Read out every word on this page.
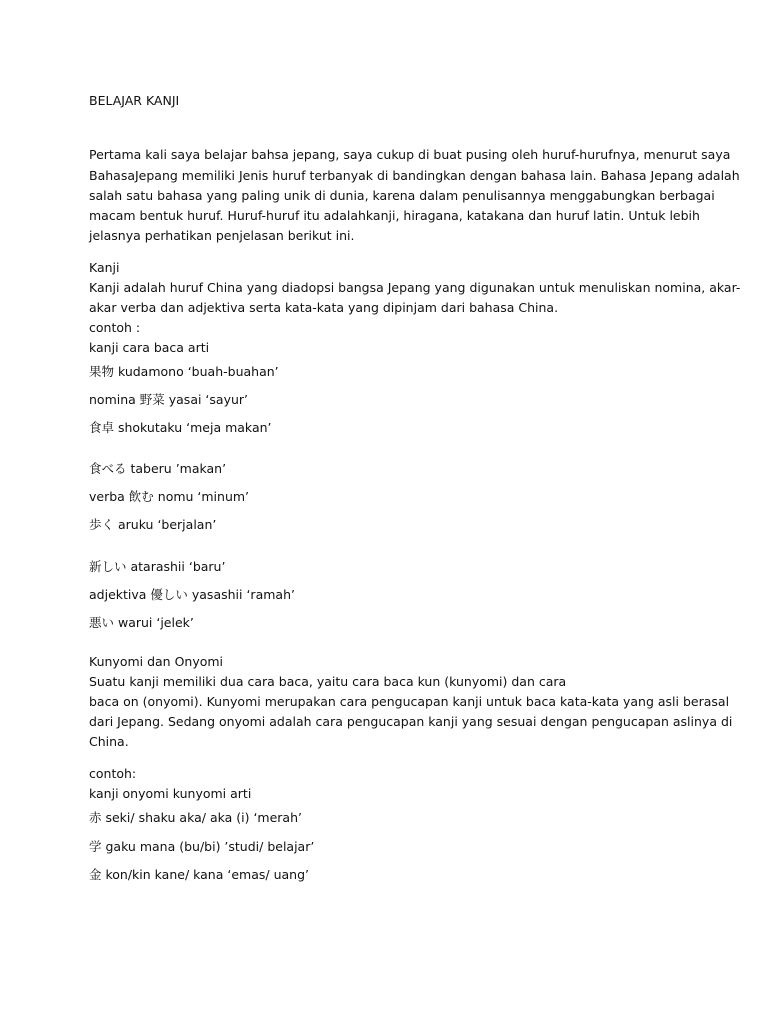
BELAJAR KANJI
Pertama kali saya belajar bahsa jepang, saya cukup di buat pusing oleh huruf-hurufnya, menurut saya
BahasaJepang memiliki Jenis huruf terbanyak di bandingkan dengan bahasa lain. Bahasa Jepang adalah
salah satu bahasa yang paling unik di dunia, karena dalam penulisannya menggabungkan berbagai
macam bentuk huruf. Huruf-huruf itu adalahkanji, hiragana, katakana dan huruf latin. Untuk lebih
jelasnya perhatikan penjelasan berikut ini.
Kanji
Kanji adalah huruf China yang diadopsi bangsa Jepang yang digunakan untuk menuliskan nomina, akar-
akar verba dan adjektiva serta kata-kata yang dipinjam dari bahasa China.
contoh :
kanji cara baca arti
果物 kudamono ‘buah-buahan’
nomina 野菜 yasai ‘sayur’
食卓 shokutaku ‘meja makan’
食べる taberu ’makan’
verba 飲む nomu ‘minum’
歩く aruku ‘berjalan’
新しい atarashii ‘baru’
adjektiva 優しい yasashii ‘ramah’
悪い warui ‘jelek’
Kunyomi dan Onyomi
Suatu kanji memiliki dua cara baca, yaitu cara baca kun (kunyomi) dan cara
baca on (onyomi). Kunyomi merupakan cara pengucapan kanji untuk baca kata-kata yang asli berasal
dari Jepang. Sedang onyomi adalah cara pengucapan kanji yang sesuai dengan pengucapan aslinya di
China.
contoh:
kanji onyomi kunyomi arti
赤 seki/ shaku aka/ aka (i) ‘merah’
学 gaku mana (bu/bi) ’studi/ belajar’
金 kon/kin kane/ kana ‘emas/ uang’
